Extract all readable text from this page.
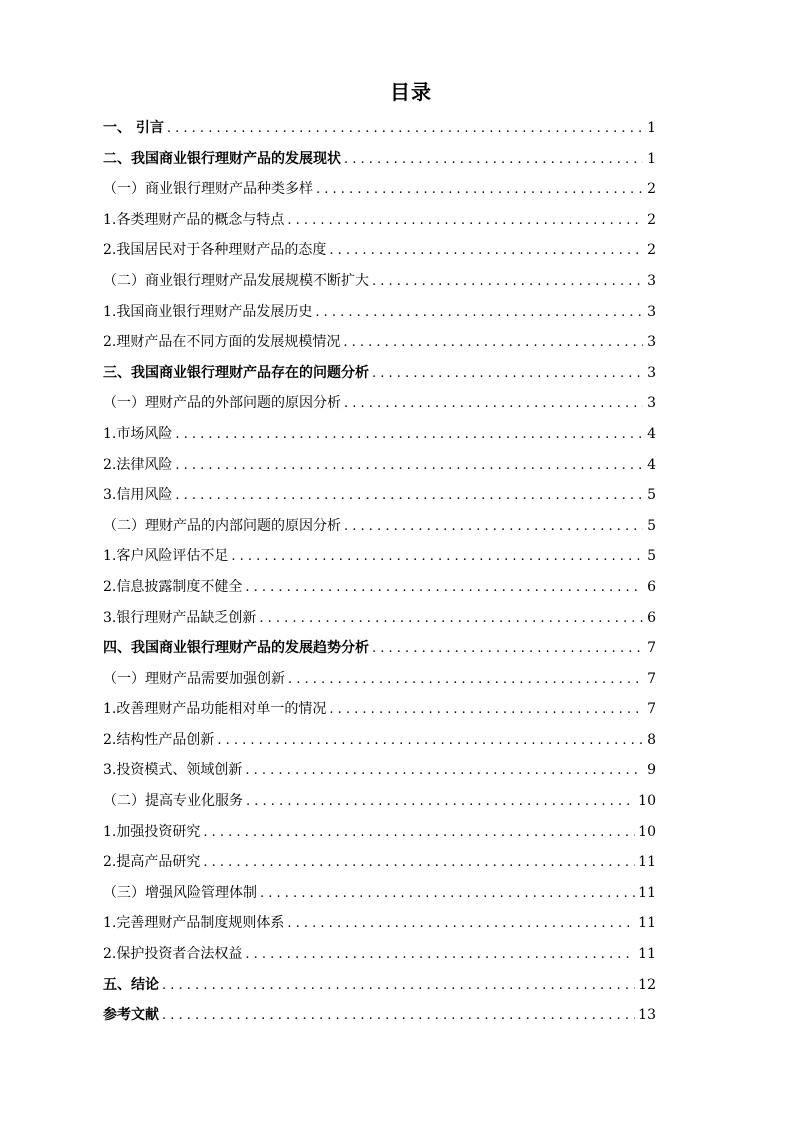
目录
一、 引言 . . .	1
二、我国商业银行理财产品的发展现状 . . .	1
（一）商业银行理财产品种类多样 . . .	2
1.各类理财产品的概念与特点 . . .	2
2.我国居民对于各种理财产品的态度 . . .	2
（二）商业银行理财产品发展规模不断扩大 . . .	3
1.我国商业银行理财产品发展历史 . . .	3
2.理财产品在不同方面的发展规模情况 . . .	3
三、我国商业银行理财产品存在的问题分析 . . .	3
（一）理财产品的外部问题的原因分析 . . .	3
1.市场风险 . . .	4
2.法律风险 . . .	4
3.信用风险 . . .	5
（二）理财产品的内部问题的原因分析 . . .	5
1.客户风险评估不足 . . .	5
2.信息披露制度不健全 . . .	6
3.银行理财产品缺乏创新 . . .	6
四、我国商业银行理财产品的发展趋势分析 . . .	7
（一）理财产品需要加强创新 . . .	7
1.改善理财产品功能相对单一的情况 . . .	7
2.结构性产品创新 . . .	8
3.投资模式、领域创新 . . .	9
（二）提高专业化服务 . . .	10
1.加强投资研究 . . .	10
2.提高产品研究 . . .	11
（三）增强风险管理体制 . . .	11
1.完善理财产品制度规则体系 . . .	11
2.保护投资者合法权益 . . .	11
五、结论 . . .	12
参考文献 . . .	13
